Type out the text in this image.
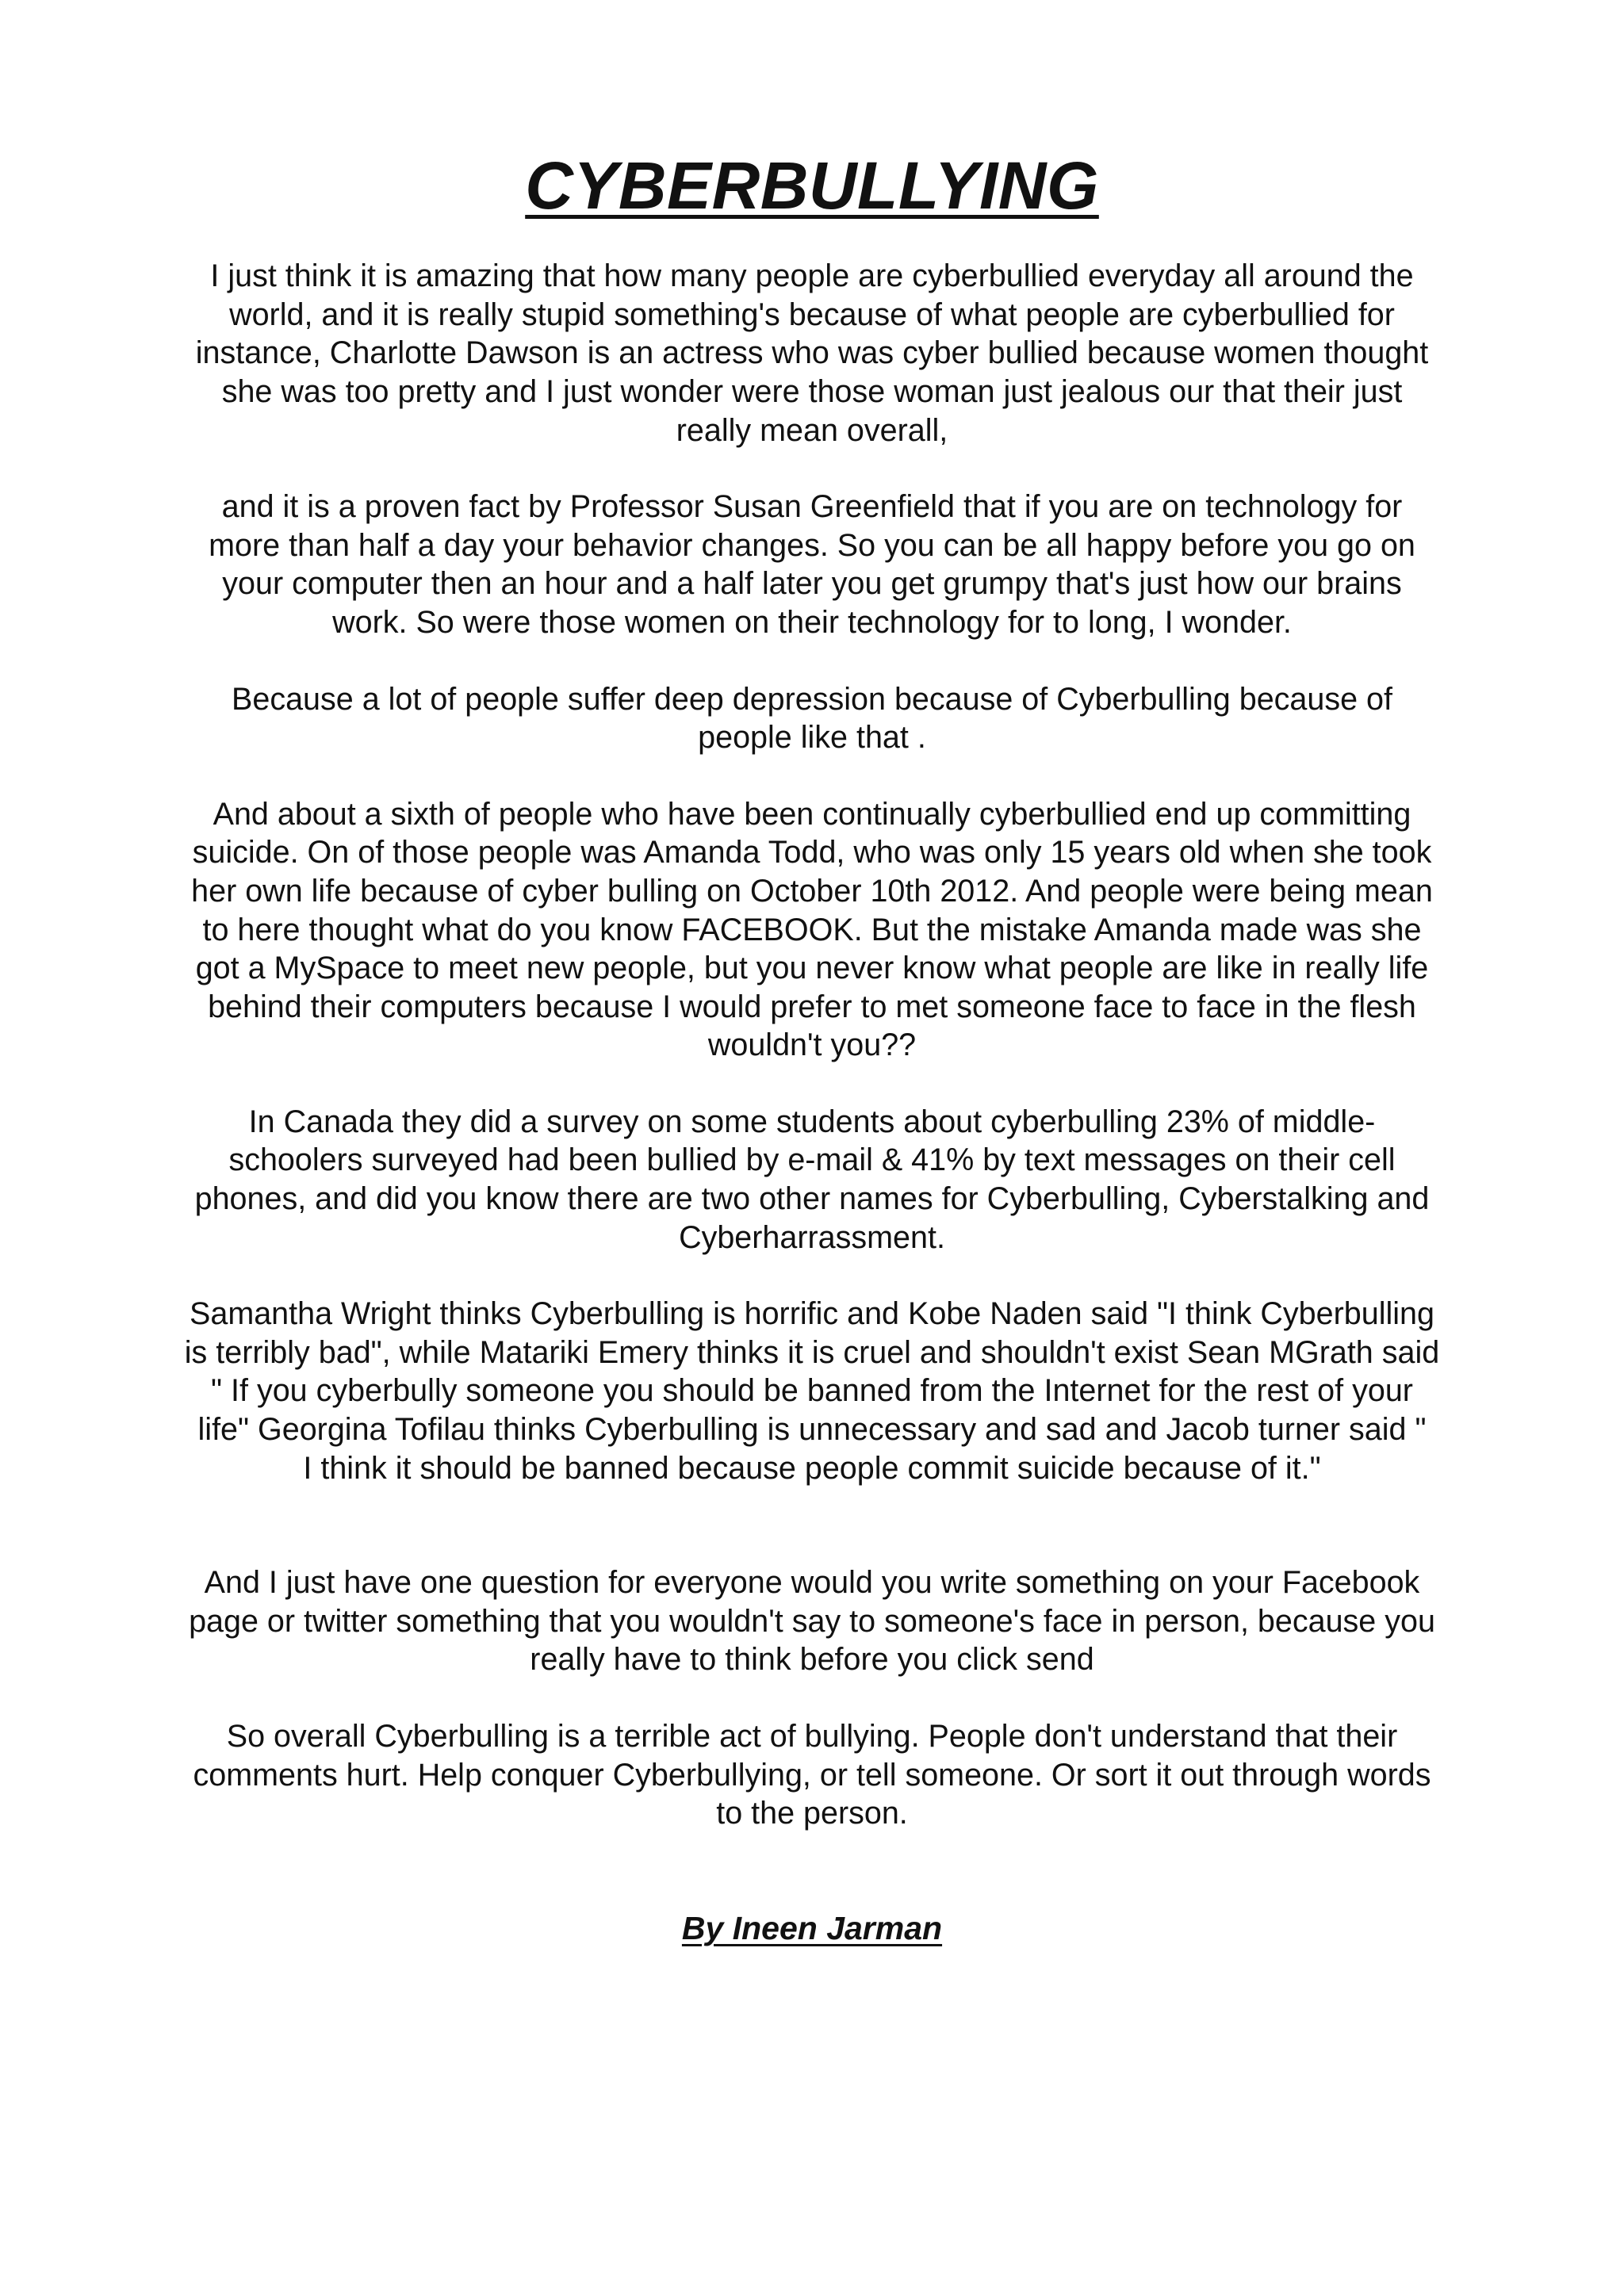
CYBERBULLYING

I just think it is amazing that how many people are cyberbullied everyday all around the
world, and it is really stupid something's because of what people are cyberbullied for
instance, Charlotte Dawson is an actress who was cyber bullied because women thought
she was too pretty and I just wonder were those woman just jealous our that their just
really mean overall,

and it is a proven fact by Professor Susan Greenfield that if you are on technology for
more than half a day your behavior changes. So you can be all happy before you go on
your computer then an hour and a half later you get grumpy that's just how our brains
work. So were those women on their technology for to long, I wonder.

Because a lot of people suffer deep depression because of Cyberbulling because of
people like that .

And about a sixth of people who have been continually cyberbullied end up committing
suicide. On of those people was Amanda Todd, who was only 15 years old when she took
her own life because of cyber bulling on October 10th 2012. And people were being mean
to here thought what do you know FACEBOOK. But the mistake Amanda made was she
got a MySpace to meet new people, but you never know what people are like in really life
behind their computers because I would prefer to met someone face to face in the flesh
wouldn't you??

In Canada they did a survey on some students about cyberbulling 23% of middle-
schoolers surveyed had been bullied by e-mail & 41% by text messages on their cell
phones, and did you know there are two other names for Cyberbulling, Cyberstalking and
Cyberharrassment.

Samantha Wright thinks Cyberbulling is horrific and Kobe Naden said "I think Cyberbulling
is terribly bad", while Matariki Emery thinks it is cruel and shouldn't exist Sean MGrath said
" If you cyberbully someone you should be banned from the Internet for the rest of your
life" Georgina Tofilau thinks Cyberbulling is unnecessary and sad and Jacob turner said "
I think it should be banned because people commit suicide because of it."

And I just have one question for everyone would you write something on your Facebook
page or twitter something that you wouldn't say to someone's face in person, because you
really have to think before you click send

So overall Cyberbulling is a terrible act of bullying. People don't understand that their
comments hurt. Help conquer Cyberbullying, or tell someone. Or sort it out through words
to the person.

By Ineen Jarman
